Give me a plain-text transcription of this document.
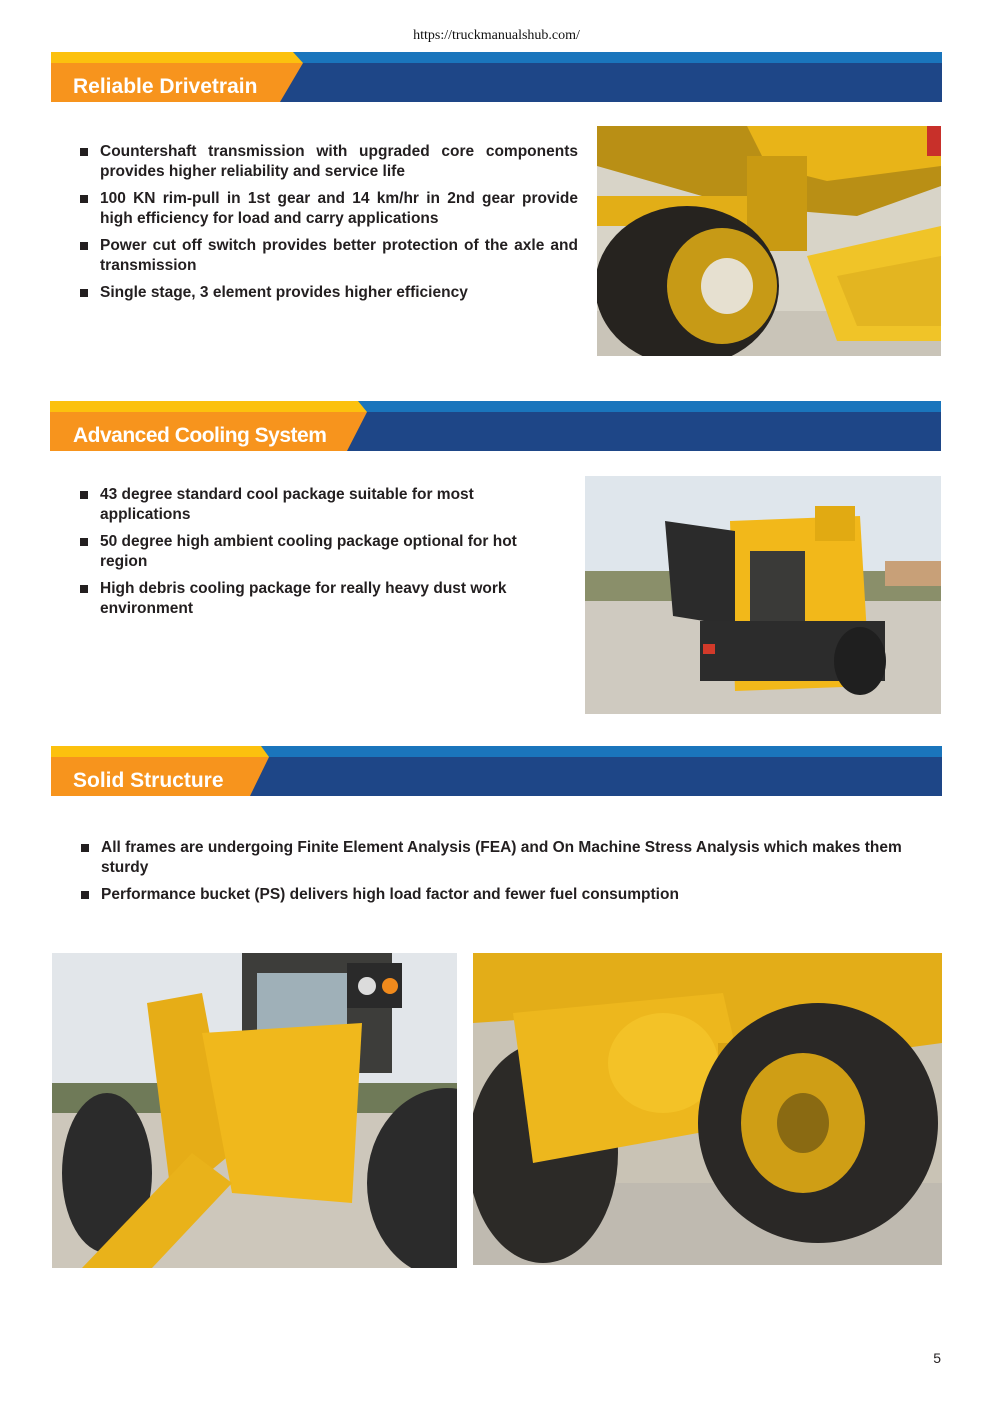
https://truckmanualshub.com/
Reliable Drivetrain
Countershaft transmission with upgraded core components provides higher reliability and service life
100 KN rim-pull in 1st gear and 14 km/hr in 2nd gear provide high efficiency for load and carry applications
Power cut off switch provides better protection of the axle and transmission
Single stage, 3 element provides higher efficiency
Advanced Cooling System
43 degree standard cool package suitable for most applications
50 degree high ambient cooling package optional for hot region
High debris cooling package for really heavy dust work environment
Solid Structure
All frames are undergoing Finite Element Analysis (FEA) and On Machine Stress Analysis which makes them sturdy
Performance bucket (PS) delivers high load factor and fewer fuel consumption
5
